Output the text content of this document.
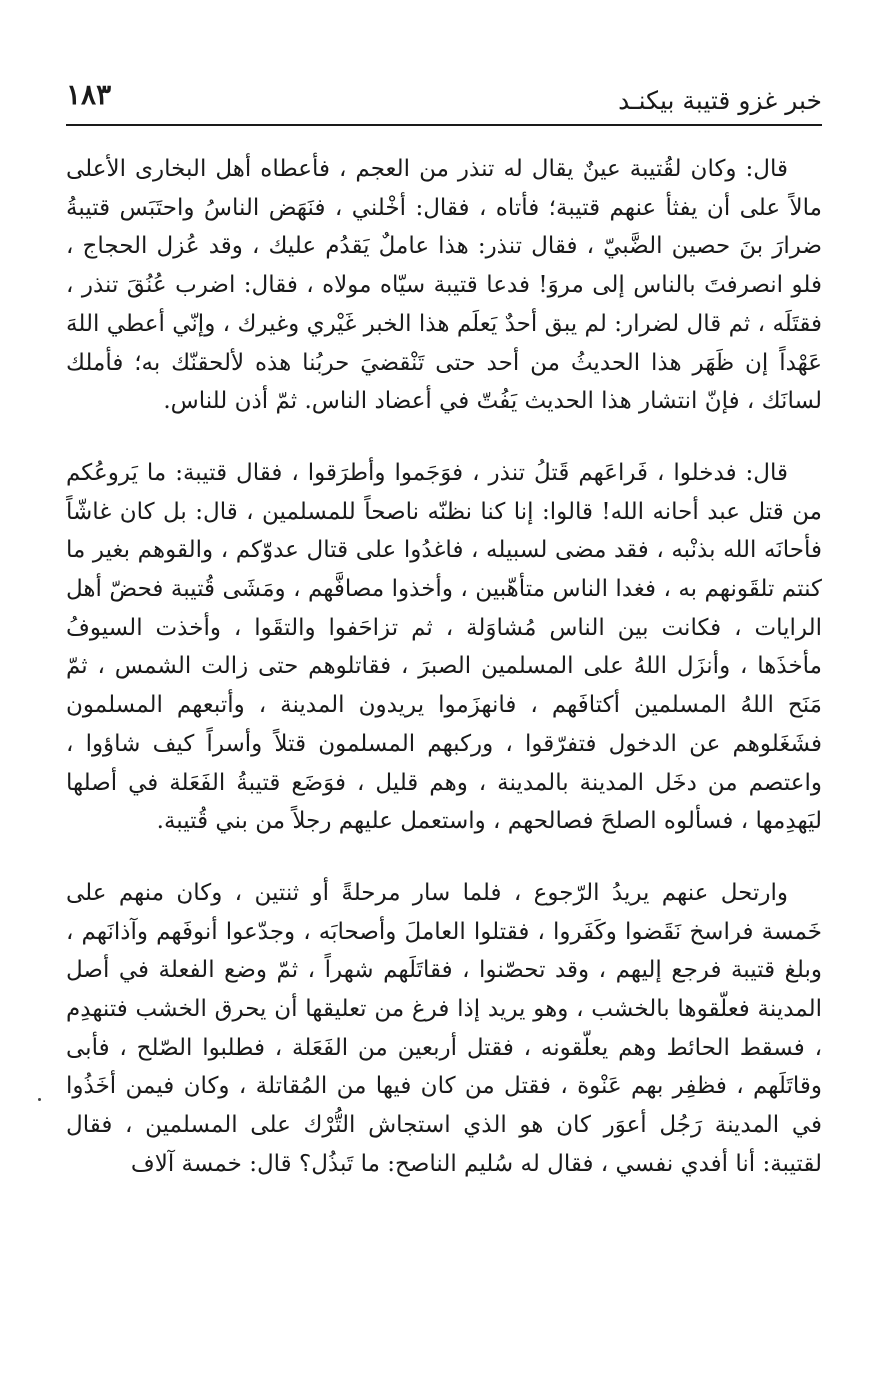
خبر غزو قتيبة بيكنـد
١٨٣

قال: وكان لقُتيبة عينٌ يقال له تنذر من العجم ، فأعطاه أهل البخارى الأعلى مالاً على أن يفثأ عنهم قتيبة؛ فأتاه ، فقال: أخْلني ، فنَهَض الناسُ واحتَبَس قتيبةُ ضرارَ بنَ حصين الضَّبيّ ، فقال تنذر: هذا عاملٌ يَقدُم عليك ، وقد عُزل الحجاج ، فلو انصرفتَ بالناس إلى مروَ! فدعا قتيبة سيّاه مولاه ، فقال: اضرب عُنُقَ تنذر ، فقتَلَه ، ثم قال لضرار: لم يبق أحدٌ يَعلَم هذا الخبر غَيْري وغيرك ، وإنّي أعطي اللهَ عَهْداً إن ظَهَر هذا الحديثُ من أحد حتى تَنْقضيَ حربُنا هذه لألحقنّك به؛ فأملك لسانَك ، فإنّ انتشار هذا الحديث يَفُتّ في أعضاد الناس. ثمّ أذن للناس.

قال: فدخلوا ، فَراعَهم قَتلُ تنذر ، فوَجَموا وأطرَقوا ، فقال قتيبة: ما يَروعُكم من قتل عبد أحانه الله! قالوا: إنا كنا نظنّه ناصحاً للمسلمين ، قال: بل كان غاشّاً فأحانَه الله بذنْبه ، فقد مضى لسبيله ، فاغدُوا على قتال عدوّكم ، والقوهم بغير ما كنتم تلقَونهم به ، فغدا الناس متأهّبين ، وأخذوا مصافَّهم ، ومَشَى قُتيبة فحضّ أهل الرايات ، فكانت بين الناس مُشاوَلة ، ثم تزاحَفوا والتقَوا ، وأخذت السيوفُ مأخذَها ، وأنزَل اللهُ على المسلمين الصبرَ ، فقاتلوهم حتى زالت الشمس ، ثمّ مَنَح اللهُ المسلمين أكتافَهم ، فانهزَموا يريدون المدينة ، وأتبعهم المسلمون فشَغَلوهم عن الدخول فتفرّقوا ، وركبهم المسلمون قتلاً وأسراً كيف شاؤوا ، واعتصم من دخَل المدينة بالمدينة ، وهم قليل ، فوَضَع قتيبةُ الفَعَلة في أصلها ليَهدِمها ، فسألوه الصلحَ فصالحهم ، واستعمل عليهم رجلاً من بني قُتيبة.

وارتحل عنهم يريدُ الرّجوع ، فلما سار مرحلةً أو ثنتين ، وكان منهم على خَمسة فراسخ نَقَضوا وكَفَروا ، فقتلوا العاملَ وأصحابَه ، وجدّعوا أنوفَهم وآذانَهم ، وبلغ قتيبة فرجع إليهم ، وقد تحصّنوا ، فقاتَلَهم شهراً ، ثمّ وضع الفعلة في أصل المدينة فعلّقوها بالخشب ، وهو يريد إذا فرغ من تعليقها أن يحرق الخشب فتنهدِم ، فسقط الحائط وهم يعلّقونه ، فقتل أربعين من الفَعَلة ، فطلبوا الصّلح ، فأبى وقاتَلَهم ، فظفِر بهم عَنْوة ، فقتل من كان فيها من المُقاتلة ، وكان فيمن أخَذُوا في المدينة رَجُل أعوَر كان هو الذي استجاش التُّرْك على المسلمين ، فقال لقتيبة: أنا أفدي نفسي ، فقال له سُليم الناصح: ما تَبذُل؟ قال: خمسة آلاف
